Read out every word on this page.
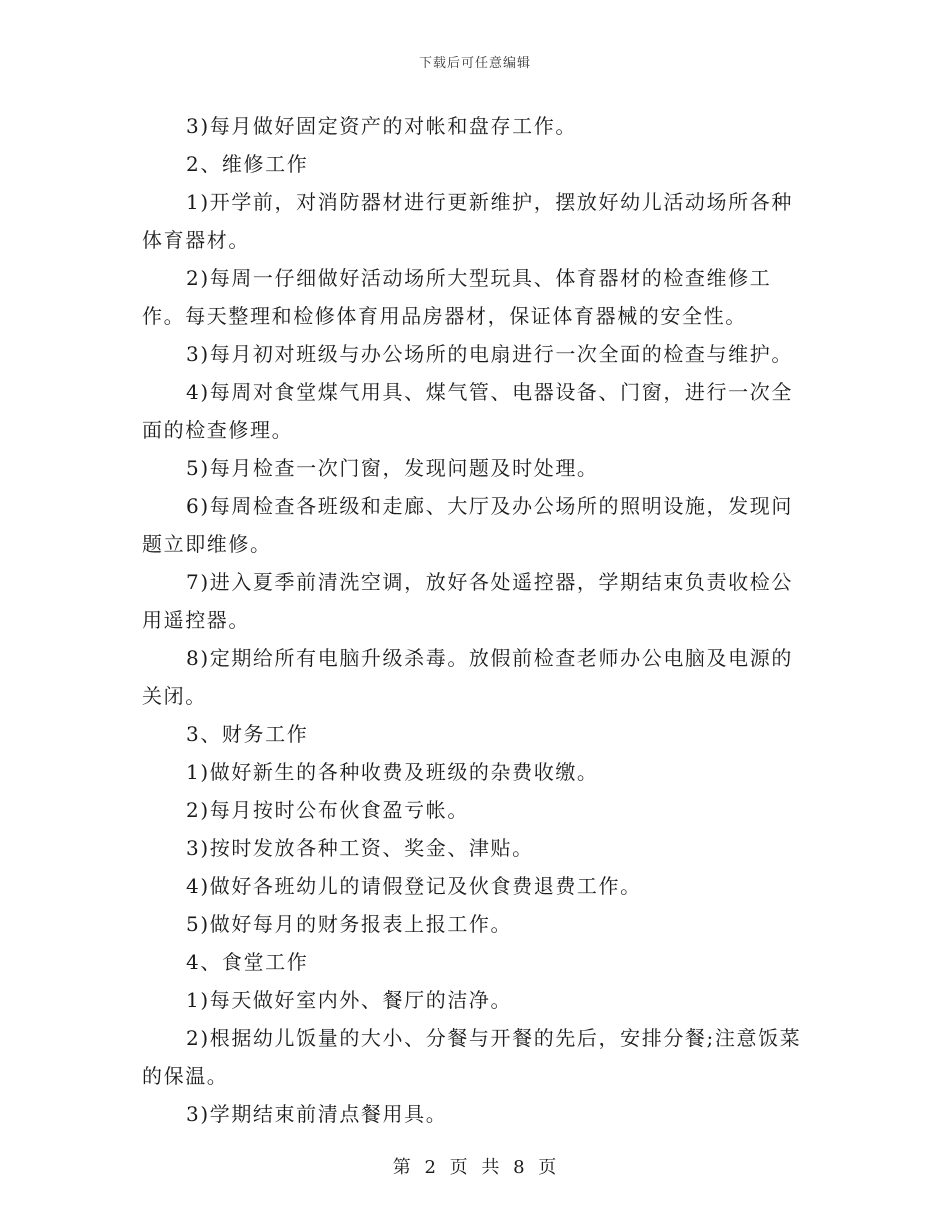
下载后可任意编辑

3)每月做好固定资产的对帐和盘存工作。

2、维修工作

1)开学前，对消防器材进行更新维护，摆放好幼儿活动场所各种体育器材。

2)每周一仔细做好活动场所大型玩具、体育器材的检查维修工作。每天整理和检修体育用品房器材，保证体育器械的安全性。

3)每月初对班级与办公场所的电扇进行一次全面的检查与维护。

4)每周对食堂煤气用具、煤气管、电器设备、门窗，进行一次全面的检查修理。

5)每月检查一次门窗，发现问题及时处理。

6)每周检查各班级和走廊、大厅及办公场所的照明设施，发现问题立即维修。

7)进入夏季前清洗空调，放好各处遥控器，学期结束负责收检公用遥控器。

8)定期给所有电脑升级杀毒。放假前检查老师办公电脑及电源的关闭。

3、财务工作

1)做好新生的各种收费及班级的杂费收缴。

2)每月按时公布伙食盈亏帐。

3)按时发放各种工资、奖金、津贴。

4)做好各班幼儿的请假登记及伙食费退费工作。

5)做好每月的财务报表上报工作。

4、食堂工作

1)每天做好室内外、餐厅的洁净。

2)根据幼儿饭量的大小、分餐与开餐的先后，安排分餐;注意饭菜的保温。

3)学期结束前清点餐用具。

第 2 页 共 8 页
